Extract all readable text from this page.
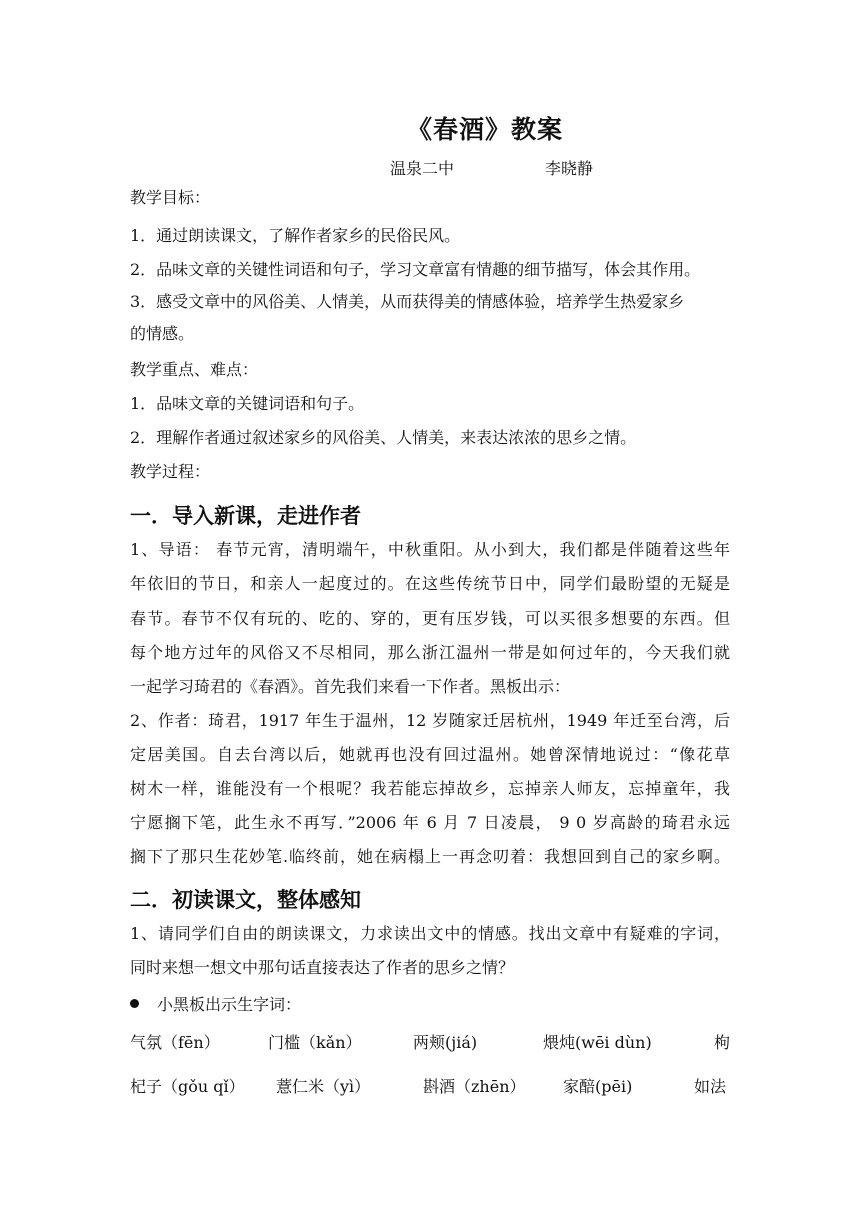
《春酒》教案
温泉二中	李晓静
教学目标：
1．通过朗读课文，了解作者家乡的民俗民风。
2．品味文章的关键性词语和句子，学习文章富有情趣的细节描写，体会其作用。
3．感受文章中的风俗美、人情美，从而获得美的情感体验，培养学生热爱家乡
的情感。
教学重点、难点：
1．品味文章的关键词语和句子。
2．理解作者通过叙述家乡的风俗美、人情美，来表达浓浓的思乡之情。
教学过程：
一．导入新课，走进作者
1、导语： 春节元宵，清明端午，中秋重阳。从小到大，我们都是伴随着这些年
年依旧的节日，和亲人一起度过的。在这些传统节日中，同学们最盼望的无疑是
春节。春节不仅有玩的、吃的、穿的，更有压岁钱，可以买很多想要的东西。但
每个地方过年的风俗又不尽相同，那么浙江温州一带是如何过年的，今天我们就
一起学习琦君的《春酒》。首先我们来看一下作者。黑板出示：
2、作者：琦君，1917 年生于温州，12 岁随家迁居杭州，1949 年迁至台湾，后
定居美国。自去台湾以后，她就再也没有回过温州。她曾深情地说过：“像花草
树木一样，谁能没有一个根呢？我若能忘掉故乡，忘掉亲人师友，忘掉童年，我
宁愿搁下笔，此生永不再写．”2006 年 6 月 7 日凌晨， 9 0 岁高龄的琦君永远
搁下了那只生花妙笔.临终前，她在病榻上一再念叨着：我想回到自己的家乡啊。
二．初读课文，整体感知
1、请同学们自由的朗读课文，力求读出文中的情感。找出文章中有疑难的字词，
同时来想一想文中那句话直接表达了作者的思乡之情？
小黑板出示生字词：
气氛（fēn）	门槛（kǎn）	两颊(jiá)	煨炖(wēi dùn)	枸
杞子（gǒu qǐ） 薏仁米（yì）	斟酒（zhēn） 家醅(pēi)	如法
